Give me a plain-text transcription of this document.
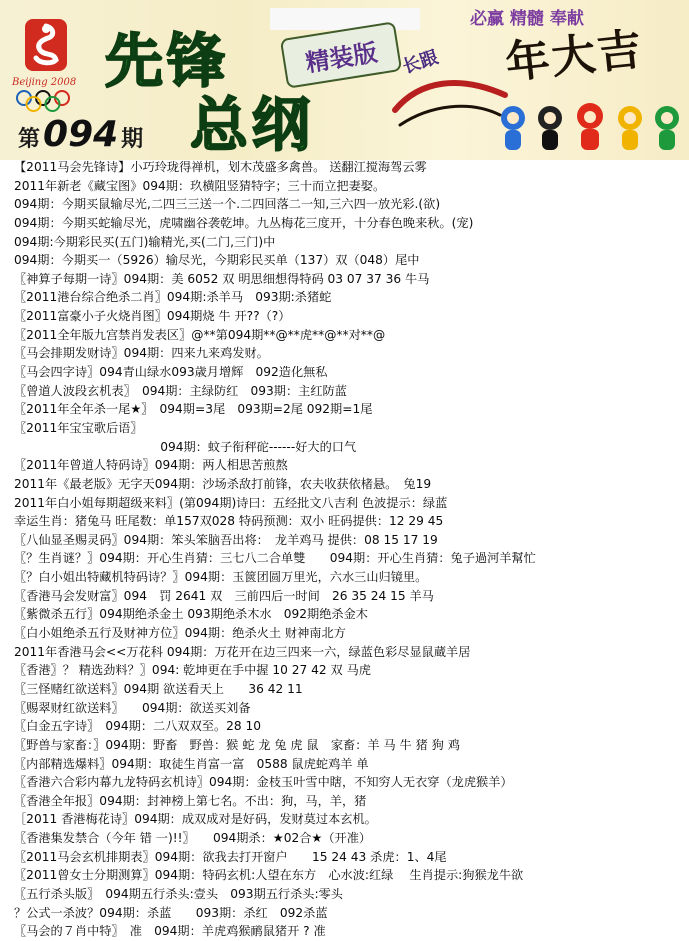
必赢 精髓 奉献
Beijing 2008 先锋	精装版
总纲
第 094 期
长跟 年大吉
【2011马会先锋诗】小巧玲珑得禅机，划木茂盛多禽兽。 送翻江搅海驾云雾
2011年新老《藏宝图》094期：玖横阻竖猜特字；三十而立把妻娶。
094期：今期买鼠输尽光,二四三三送一个.二四回落二一知,三六四一放光彩.(欲)
094期：今期买蛇输尽光，虎啸幽谷袭乾坤。九丛梅花三度开，十分春色晚来秋。(宠)
094期:今期彩民买(五门)输精光,买(二门,三门)中
094期：今期买一（5926）输尽光，今期彩民买单（137）双（048）尾中
〖神算子每期一诗〗094期：美 6052 双 明思细想得特码 03 07 37 36 牛马
〖2011港台综合绝杀二肖〗094期:杀羊马　093期:杀猪蛇
〖2011富豪小子火烧肖图〗094期烧 牛 开??（?）
〖2011全年版九宫禁肖发表区〗@**第094期**@**虎**@**对**@
〖马会排期发财诗〗094期：四来九来鸡发财。
〖马会四字诗〗094青山绿水093歳月增辉　092造化無私
〖曾道人波段玄机表〗　094期：主绿防红　093期：主红防蓝
〖2011年全年杀一尾★〗　094期=3尾　093期=2尾 092期=1尾
〖2011年宝宝歌后语〗
　　　　　　　　　　　　094期：蚊子衔秤砣------好大的口气
〖2011年曾道人特码诗〗094期：两人相思苦煎熬
2011年《最老版》无字天094期：沙场杀敌打前锋，农夫收获依楮悬。　兔19
2011年白小姐每期超级来料〗(第094期)诗曰：五经批文八吉利 色波提示：绿蓝
幸运生肖：猪兔马 旺尾数：单157双028 特码预测：双小 旺码提供：12 29 45
〖八仙显圣赐灵码〗094期：笨头笨脑吾出将：　龙羊鸡马 提供：08 15 17 19
〖？生肖谜？〗094期：开心生肖猜：三七八二合单雙　　094期：开心生肖猜：兔子過河羊幫忙
〖？白小姐出特藏机特码诗？〗094期：玉篋团圆万里光，六水三山归镜里。
〖香港马会发财富〗094　罚 2641 双　三前四后一时间　26 35 24 15 羊马
〖紫微杀五行〗094期绝杀金土 093期绝杀木水　092期绝杀金木
〖白小姐绝杀五行及财神方位〗094期：绝杀火土 财神南北方
2011年香港马会<<万花科 094期：万花开在边三四来一六，绿蓝色彩尽显鼠蔵羊居
〖香港〗？ 精选劲料？〗094: 乾坤更在手中握 10 27 42 双 马虎
〖三怪赌红欲送料〗094期 欲送看天上　　36 42 11
〖赐翠财红欲送料〗　　094期：欲送买刘备
〖白金五字诗〗　094期：二八双双至。28 10
〖野兽与家畜：〗094期：野畜　野兽：猴 蛇 龙 兔 虎 鼠　家畜：羊 马 牛 猪 狗 鸡
〖内部精选爆料〗094期：取徒生肖富一富　0588 鼠虎蛇鸡羊 单
〖香港六合彩内幕九龙特码玄机诗〗094期：金枝玉叶雪中瞎，不知穷人无衣穿（龙虎猴羊）
〖香港全年报〗094期：封神榜上第七名。不出：狗，马，羊，猪
［2011 香港梅花诗〗094期：成双成对是好码，发财莫过本玄机。
〖香港集发禁合（今年 错 一)!!〗　　094期杀：★02合★（开准）
〖2011马会玄机排期表〗094期：欲我去打开窗户　　15 24 43 杀虎：1、4尾
〖2011曾女士分期测算〗094期：特码玄机:人望在东方　心水波:红绿　 生肖提示:狗猴龙牛欲
〖五行杀头版〗　094期五行杀头:壹头　093期五行杀头:零头
？公式一杀波？094期：杀蓝　　093期：杀红　092杀蓝
〖马会的７肖中特〗　准　094期：羊虎鸡猴鸸鼠猪开 ? 准
